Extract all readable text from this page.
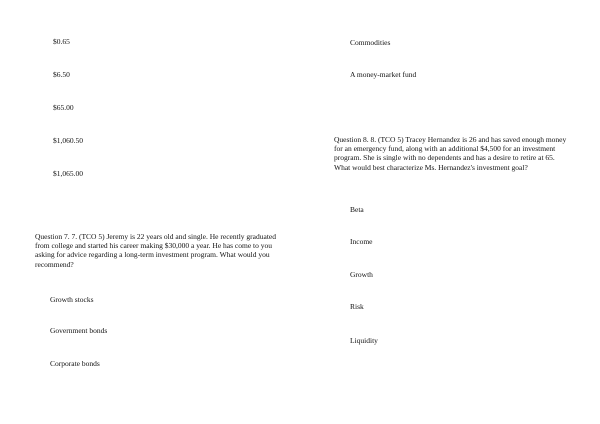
$0.65
$6.50
$65.00
$1,060.50
$1,065.00
Question 7. 7. (TCO 5) Jeremy is 22 years old and single. He recently graduated from college and started his career making $30,000 a year. He has come to you asking for advice regarding a long-term investment program. What would you recommend?
Growth stocks
Government bonds
Corporate bonds
Commodities
A money-market fund
Question 8. 8. (TCO 5) Tracey Hernandez is 26 and has saved enough money for an emergency fund, along with an additional $4,500 for an investment program. She is single with no dependents and has a desire to retire at 65. What would best characterize Ms. Hernandez's investment goal?
Beta
Income
Growth
Risk
Liquidity
